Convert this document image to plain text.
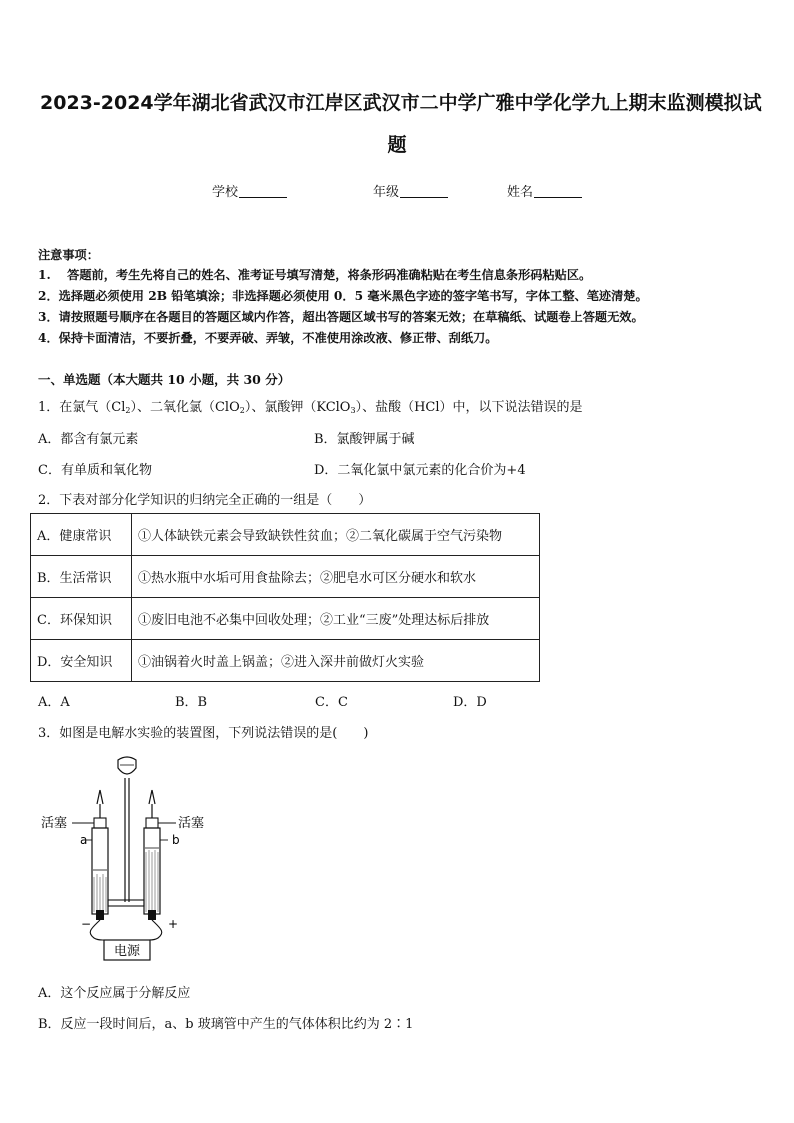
2023-2024学年湖北省武汉市江岸区武汉市二中学广雅中学化学九上期末监测模拟试
题
学校	年级	姓名
注意事项：
1.　 答题前，考生先将自己的姓名、准考证号填写清楚，将条形码准确粘贴在考生信息条形码粘贴区。
2．选择题必须使用 2B 铅笔填涂；非选择题必须使用 0．5 毫米黑色字迹的签字笔书写，字体工整、笔迹清楚。
3．请按照题号顺序在各题目的答题区域内作答，超出答题区域书写的答案无效；在草稿纸、试题卷上答题无效。
4．保持卡面清洁，不要折叠，不要弄破、弄皱，不准使用涂改液、修正带、刮纸刀。
一、单选题（本大题共 10 小题，共 30 分）
1．在氯气$(Cl_2)$、二氧化氯（ClO$_2$）、氯酸钾（KClO$_3$）、盐酸（HCl）中，以下说法错误的是
A．都含有氯元素	B．氯酸钾属于碱
C．有单质和氧化物	D．二氧化氯中氯元素的化合价为+4
2．下表对部分化学知识的归纳完全正确的一组是（　　）
A．健康常识	①人体缺铁元素会导致缺铁性贫血；②二氧化碳属于空气污染物
B．生活常识	①热水瓶中水垢可用食盐除去；②肥皂水可区分硬水和软水
C．环保知识	①废旧电池不必集中回收处理；②工业“三废”处理达标后排放
D．安全知识	①油锅着火时盖上锅盖；②进入深井前做灯火实验
A．A	B．B	C．C	D．D
3．如图是电解水实验的装置图，下列说法错误的是(　　)
电源
活塞	活塞
a	b
−	+
A．这个反应属于分解反应
B．反应一段时间后，a、b 玻璃管中产生的气体体积比约为 2∶1
